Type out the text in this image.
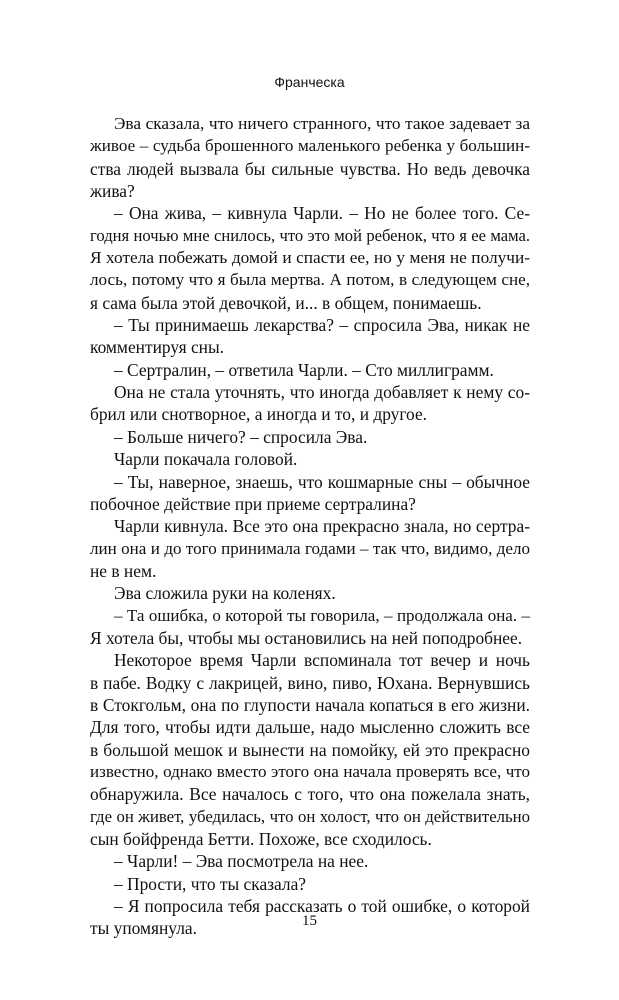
Франческа
Эва сказала, что ничего странного, что такое задевает за
живое – судьба брошенного маленького ребенка у большин-
ства людей вызвала бы сильные чувства. Но ведь девочка
жива?
– Она жива, – кивнула Чарли. – Но не более того. Се-
годня ночью мне снилось, что это мой ребенок, что я ее мама.
Я хотела побежать домой и спасти ее, но у меня не получи-
лось, потому что я была мертва. А потом, в следующем сне,
я сама была этой девочкой, и... в общем, понимаешь.
– Ты принимаешь лекарства? – спросила Эва, никак не
комментируя сны.
– Сертралин, – ответила Чарли. – Сто миллиграмм.
Она не стала уточнять, что иногда добавляет к нему со-
брил или снотворное, а иногда и то, и другое.
– Больше ничего? – спросила Эва.
Чарли покачала головой.
– Ты, наверное, знаешь, что кошмарные сны – обычное
побочное действие при приеме сертралина?
Чарли кивнула. Все это она прекрасно знала, но сертра-
лин она и до того принимала годами – так что, видимо, дело
не в нем.
Эва сложила руки на коленях.
– Та ошибка, о которой ты говорила, – продолжала она. –
Я хотела бы, чтобы мы остановились на ней поподробнее.
Некоторое время Чарли вспоминала тот вечер и ночь
в пабе. Водку с лакрицей, вино, пиво, Юхана. Вернувшись
в Стокгольм, она по глупости начала копаться в его жизни.
Для того, чтобы идти дальше, надо мысленно сложить все
в большой мешок и вынести на помойку, ей это прекрасно
известно, однако вместо этого она начала проверять все, что
обнаружила. Все началось с того, что она пожелала знать,
где он живет, убедилась, что он холост, что он действительно
сын бойфренда Бетти. Похоже, все сходилось.
– Чарли! – Эва посмотрела на нее.
– Прости, что ты сказала?
– Я попросила тебя рассказать о той ошибке, о которой
ты упомянула.	15
